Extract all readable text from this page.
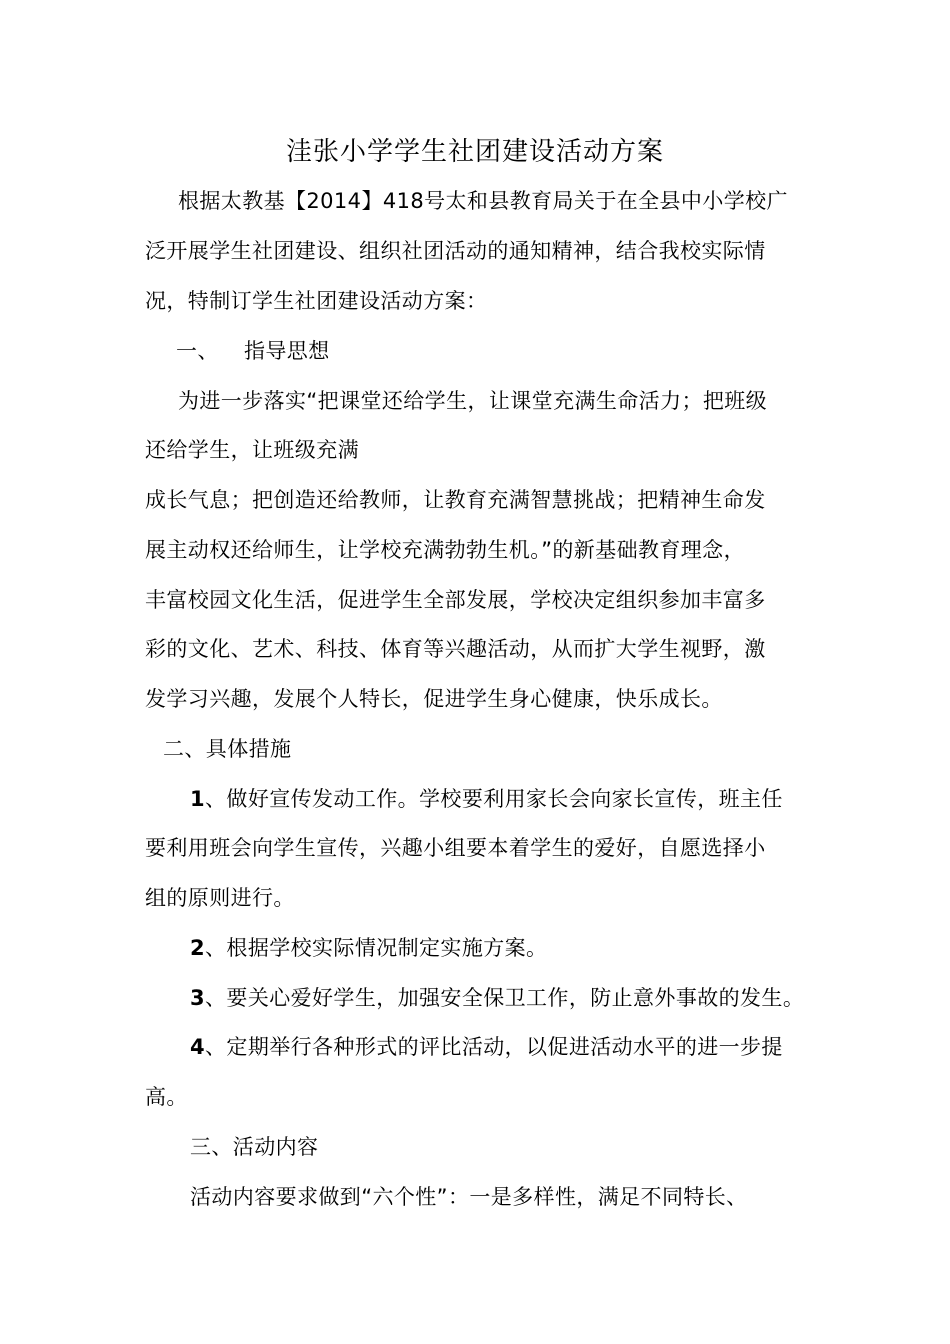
洼张小学学生社团建设活动方案
根据太教基【2014】418号太和县教育局关于在全县中小学校广
泛开展学生社团建设、组织社团活动的通知精神，结合我校实际情
况，特制订学生社团建设活动方案：
一、 指导思想
为进一步落实“把课堂还给学生，让课堂充满生命活力；把班级
还给学生，让班级充满
成长气息；把创造还给教师，让教育充满智慧挑战；把精神生命发
展主动权还给师生，让学校充满勃勃生机。”的新基础教育理念，
丰富校园文化生活，促进学生全部发展，学校决定组织参加丰富多
彩的文化、艺术、科技、体育等兴趣活动，从而扩大学生视野，激
发学习兴趣，发展个人特长，促进学生身心健康，快乐成长。
二、具体措施
1、做好宣传发动工作。学校要利用家长会向家长宣传，班主任
要利用班会向学生宣传，兴趣小组要本着学生的爱好，自愿选择小
组的原则进行。
2、根据学校实际情况制定实施方案。
3、要关心爱好学生，加强安全保卫工作，防止意外事故的发生。
4、定期举行各种形式的评比活动，以促进活动水平的进一步提
高。
三、活动内容
活动内容要求做到“六个性”：一是多样性，满足不同特长、
